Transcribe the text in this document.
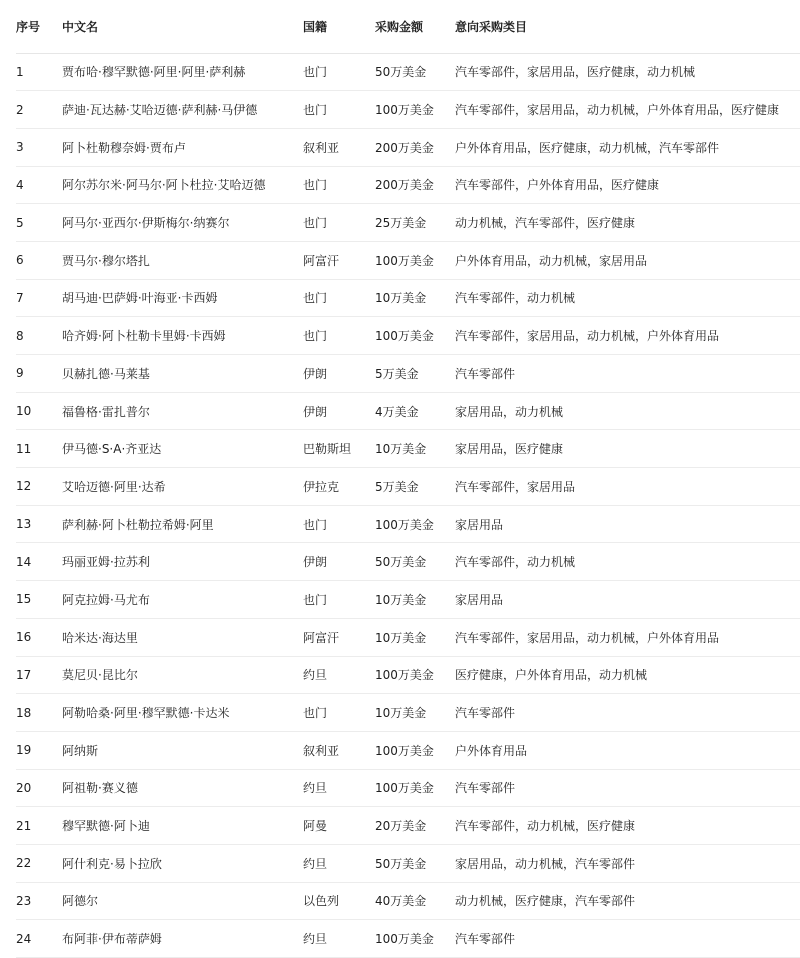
序号	中文名	国籍	采购金额	意向采购类目
1	贾布哈·穆罕默德·阿里·阿里·萨利赫	也门	50万美金	汽车零部件，家居用品，医疗健康，动力机械
2	萨迪·瓦达赫·艾哈迈德·萨利赫·马伊德	也门	100万美金	汽车零部件，家居用品，动力机械，户外体育用品，医疗健康
3	阿卜杜勒穆奈姆·贾布卢	叙利亚	200万美金	户外体育用品，医疗健康，动力机械，汽车零部件
4	阿尔苏尔米·阿马尔·阿卜杜拉·艾哈迈德	也门	200万美金	汽车零部件，户外体育用品，医疗健康
5	阿马尔·亚西尔·伊斯梅尔·纳赛尔	也门	25万美金	动力机械，汽车零部件，医疗健康
6	贾马尔·穆尔塔扎	阿富汗	100万美金	户外体育用品，动力机械，家居用品
7	胡马迪·巴萨姆·叶海亚·卡西姆	也门	10万美金	汽车零部件，动力机械
8	哈齐姆·阿卜杜勒卡里姆·卡西姆	也门	100万美金	汽车零部件，家居用品，动力机械，户外体育用品
9	贝赫扎德·马莱基	伊朗	5万美金	汽车零部件
10	福鲁格·雷扎普尔	伊朗	4万美金	家居用品，动力机械
11	伊马德·S·A·齐亚达	巴勒斯坦	10万美金	家居用品，医疗健康
12	艾哈迈德·阿里·达希	伊拉克	5万美金	汽车零部件，家居用品
13	萨利赫·阿卜杜勒拉希姆·阿里	也门	100万美金	家居用品
14	玛丽亚姆·拉苏利	伊朗	50万美金	汽车零部件，动力机械
15	阿克拉姆·马尤布	也门	10万美金	家居用品
16	哈米达·海达里	阿富汗	10万美金	汽车零部件，家居用品，动力机械，户外体育用品
17	莫尼贝·昆比尔	约旦	100万美金	医疗健康，户外体育用品，动力机械
18	阿勒哈桑·阿里·穆罕默德·卡达米	也门	10万美金	汽车零部件
19	阿纳斯	叙利亚	100万美金	户外体育用品
20	阿祖勒·赛义德	约旦	100万美金	汽车零部件
21	穆罕默德·阿卜迪	阿曼	20万美金	汽车零部件，动力机械，医疗健康
22	阿什利克·易卜拉欣	约旦	50万美金	家居用品，动力机械，汽车零部件
23	阿德尔	以色列	40万美金	动力机械，医疗健康，汽车零部件
24	布阿菲·伊布蒂萨姆	约旦	100万美金	汽车零部件
